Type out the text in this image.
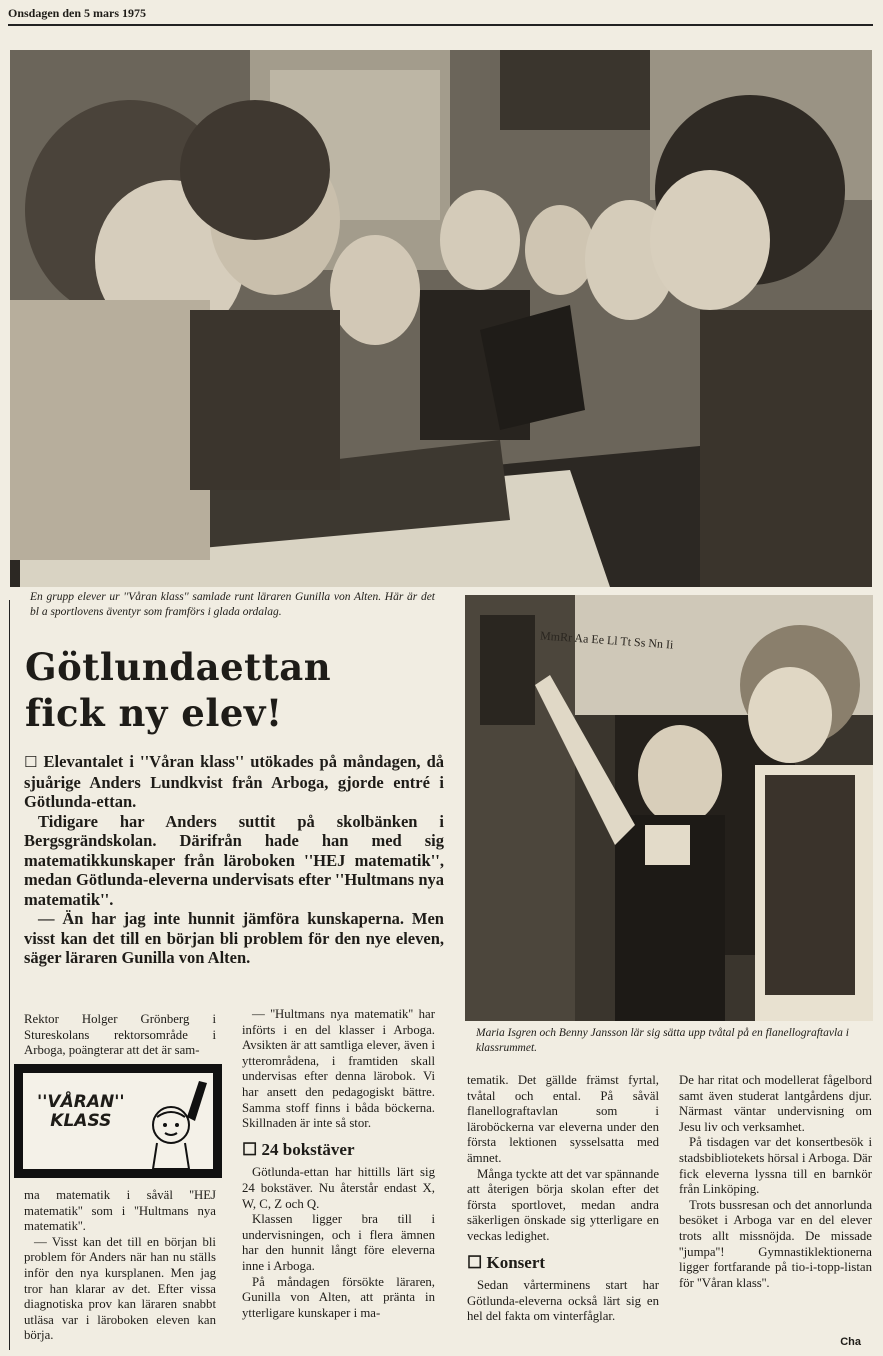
Onsdagen den 5 mars 1975
En grupp elever ur ''Våran klass'' samlade runt läraren Gunilla von Alten. Här är det bl a sportlovens äventyr som framförs i glada ordalag.
MmRr Aa Ee Ll Tt Ss Nn Ii
Maria Isgren och Benny Jansson lär sig sätta upp tvåtal på en flanellograftavla i klassrummet.
Götlundaettan
fick ny elev!

☐ Elevantalet i ''Våran klass'' utökades på måndagen, då sjuårige Anders Lundkvist från Arboga, gjorde entré i Götlunda-ettan.

Tidigare har Anders suttit på skolbänken i Bergsgrändskolan. Därifrån hade han med sig matematikkunskaper från läroboken ''HEJ matematik'', medan Götlunda-eleverna undervisats efter ''Hultmans nya matematik''.

— Än har jag inte hunnit jämföra kunskaperna. Men visst kan det till en början bli problem för den nye eleven, säger läraren Gunilla von Alten.

Rektor Holger Grönberg i Stureskolans rektorsområde i Arboga, poängterar att det är sam-

''VÅRAN''
KLASS

ma matematik i såväl ''HEJ matematik'' som i ''Hultmans nya matematik''.

— Visst kan det till en början bli problem för Anders när han nu ställs inför den nya kursplanen. Men jag tror han klarar av det. Efter vissa diagnotiska prov kan läraren snabbt utläsa var i läroboken eleven kan börja.

— ''Hultmans nya matematik'' har införts i en del klasser i Arboga. Avsikten är att samtliga elever, även i ytterområdena, i framtiden skall undervisas efter denna lärobok. Vi har ansett den pedagogiskt bättre. Samma stoff finns i båda böckerna. Skillnaden är inte så stor.

☐ 24 bokstäver

Götlunda-ettan har hittills lärt sig 24 bokstäver. Nu återstår endast X, W, C, Z och Q.

Klassen ligger bra till i undervisningen, och i flera ämnen har den hunnit långt före eleverna inne i Arboga.

På måndagen försökte läraren, Gunilla von Alten, att pränta in ytterligare kunskaper i ma-

tematik. Det gällde främst fyrtal, tvåtal och ental. På såväl flanellograftavlan som i läroböckerna var eleverna under den första lektionen sysselsatta med ämnet.

Många tyckte att det var spännande att återigen börja skolan efter det första sportlovet, medan andra säkerligen önskade sig ytterligare en veckas ledighet.

☐ Konsert

Sedan vårterminens start har Götlunda-eleverna också lärt sig en hel del fakta om vinterfåglar.

De har ritat och modellerat fågelbord samt även studerat lantgårdens djur. Närmast väntar undervisning om Jesu liv och verksamhet.

På tisdagen var det konsertbesök i stadsbibliotekets hörsal i Arboga. Där fick eleverna lyssna till en barnkör från Linköping.

Trots bussresan och det annorlunda besöket i Arboga var en del elever trots allt missnöjda. De missade ''jumpa''! Gymnastiklektionerna ligger fortfarande på tio-i-topp-listan för ''Våran klass''.

Cha
